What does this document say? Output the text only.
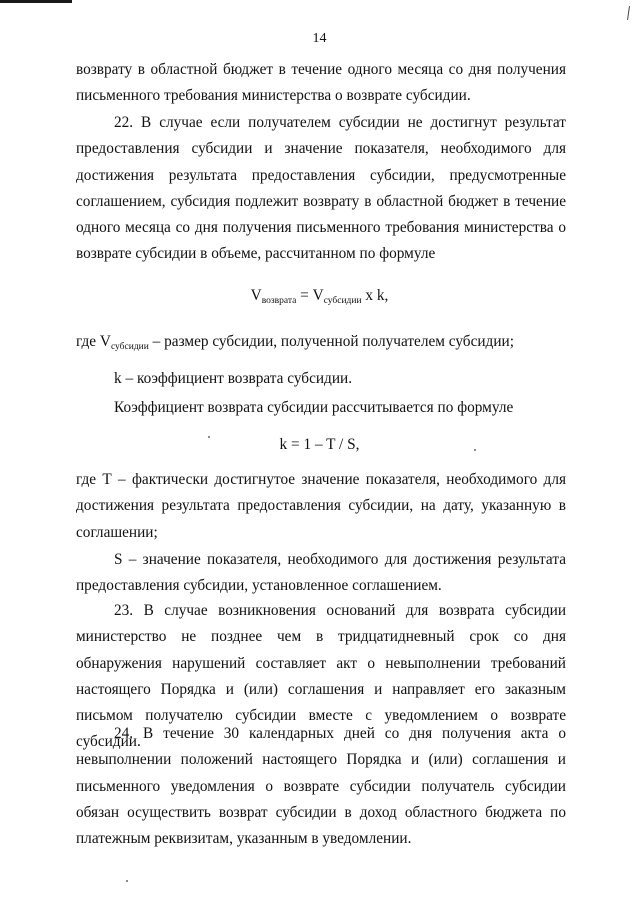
14

возврату в областной бюджет в течение одного месяца со дня получения письменного требования министерства о возврате субсидии.

22. В случае если получателем субсидии не достигнут результат предоставления субсидии и значение показателя, необходимого для достижения результата предоставления субсидии, предусмотренные соглашением, субсидия подлежит возврату в областной бюджет в течение одного месяца со дня получения письменного требования министерства о возврате субсидии в объеме, рассчитанном по формуле

$V_{возврата} = V_{субсидии}$ x k,

где $V_{субсидии}$ – размер субсидии, полученной получателем субсидии;

k – коэффициент возврата субсидии.

Коэффициент возврата субсидии рассчитывается по формуле

k = 1 – T / S,

где Т – фактически достигнутое значение показателя, необходимого для достижения результата предоставления субсидии, на дату, указанную в соглашении;

S – значение показателя, необходимого для достижения результата предоставления субсидии, установленное соглашением.

23. В случае возникновения оснований для возврата субсидии министерство не позднее чем в тридцатидневный срок со дня обнаружения нарушений составляет акт о невыполнении требований настоящего Порядка и (или) соглашения и направляет его заказным письмом получателю субсидии вместе с уведомлением о возврате субсидии.

24. В течение 30 календарных дней со дня получения акта о невыполнении положений настоящего Порядка и (или) соглашения и письменного уведомления о возврате субсидии получатель субсидии обязан осуществить возврат субсидии в доход областного бюджета по платежным реквизитам, указанным в уведомлении.
